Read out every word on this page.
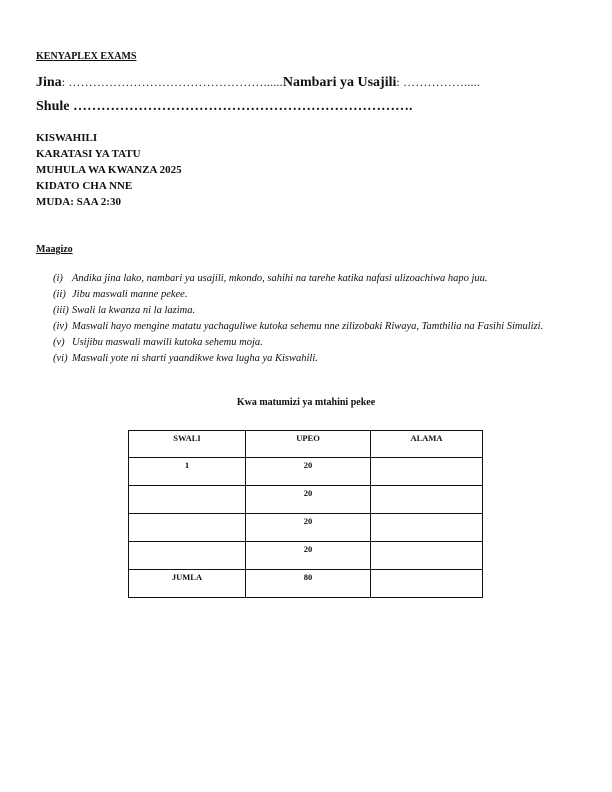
KENYAPLEX EXAMS
Jina: …………………………………………......Nambari ya Usajili: …………….....
Shule ……………………………………………………………….
KISWAHILI
KARATASI YA TATU
MUHULA WA KWANZA 2025
KIDATO CHA NNE
MUDA: SAA 2:30
Maagizo
(i) Andika jina lako, nambari ya usajili, mkondo, sahihi na tarehe katika nafasi ulizoachiwa hapo juu.
(ii) Jibu maswali manne pekee.
(iii) Swali la kwanza ni la lazima.
(iv) Maswali hayo mengine matatu yachaguliwe kutoka sehemu nne zilizobaki Riwaya, Tamthilia na Fasihi Simulizi.
(v) Usijibu maswali mawili kutoka sehemu moja.
(vi) Maswali yote ni sharti yaandikwe kwa lugha ya Kiswahili.
Kwa matumizi ya mtahini pekee
SWALI	UPEO	ALAMA
1	20	
	20	
	20	
	20	
JUMLA	80	
